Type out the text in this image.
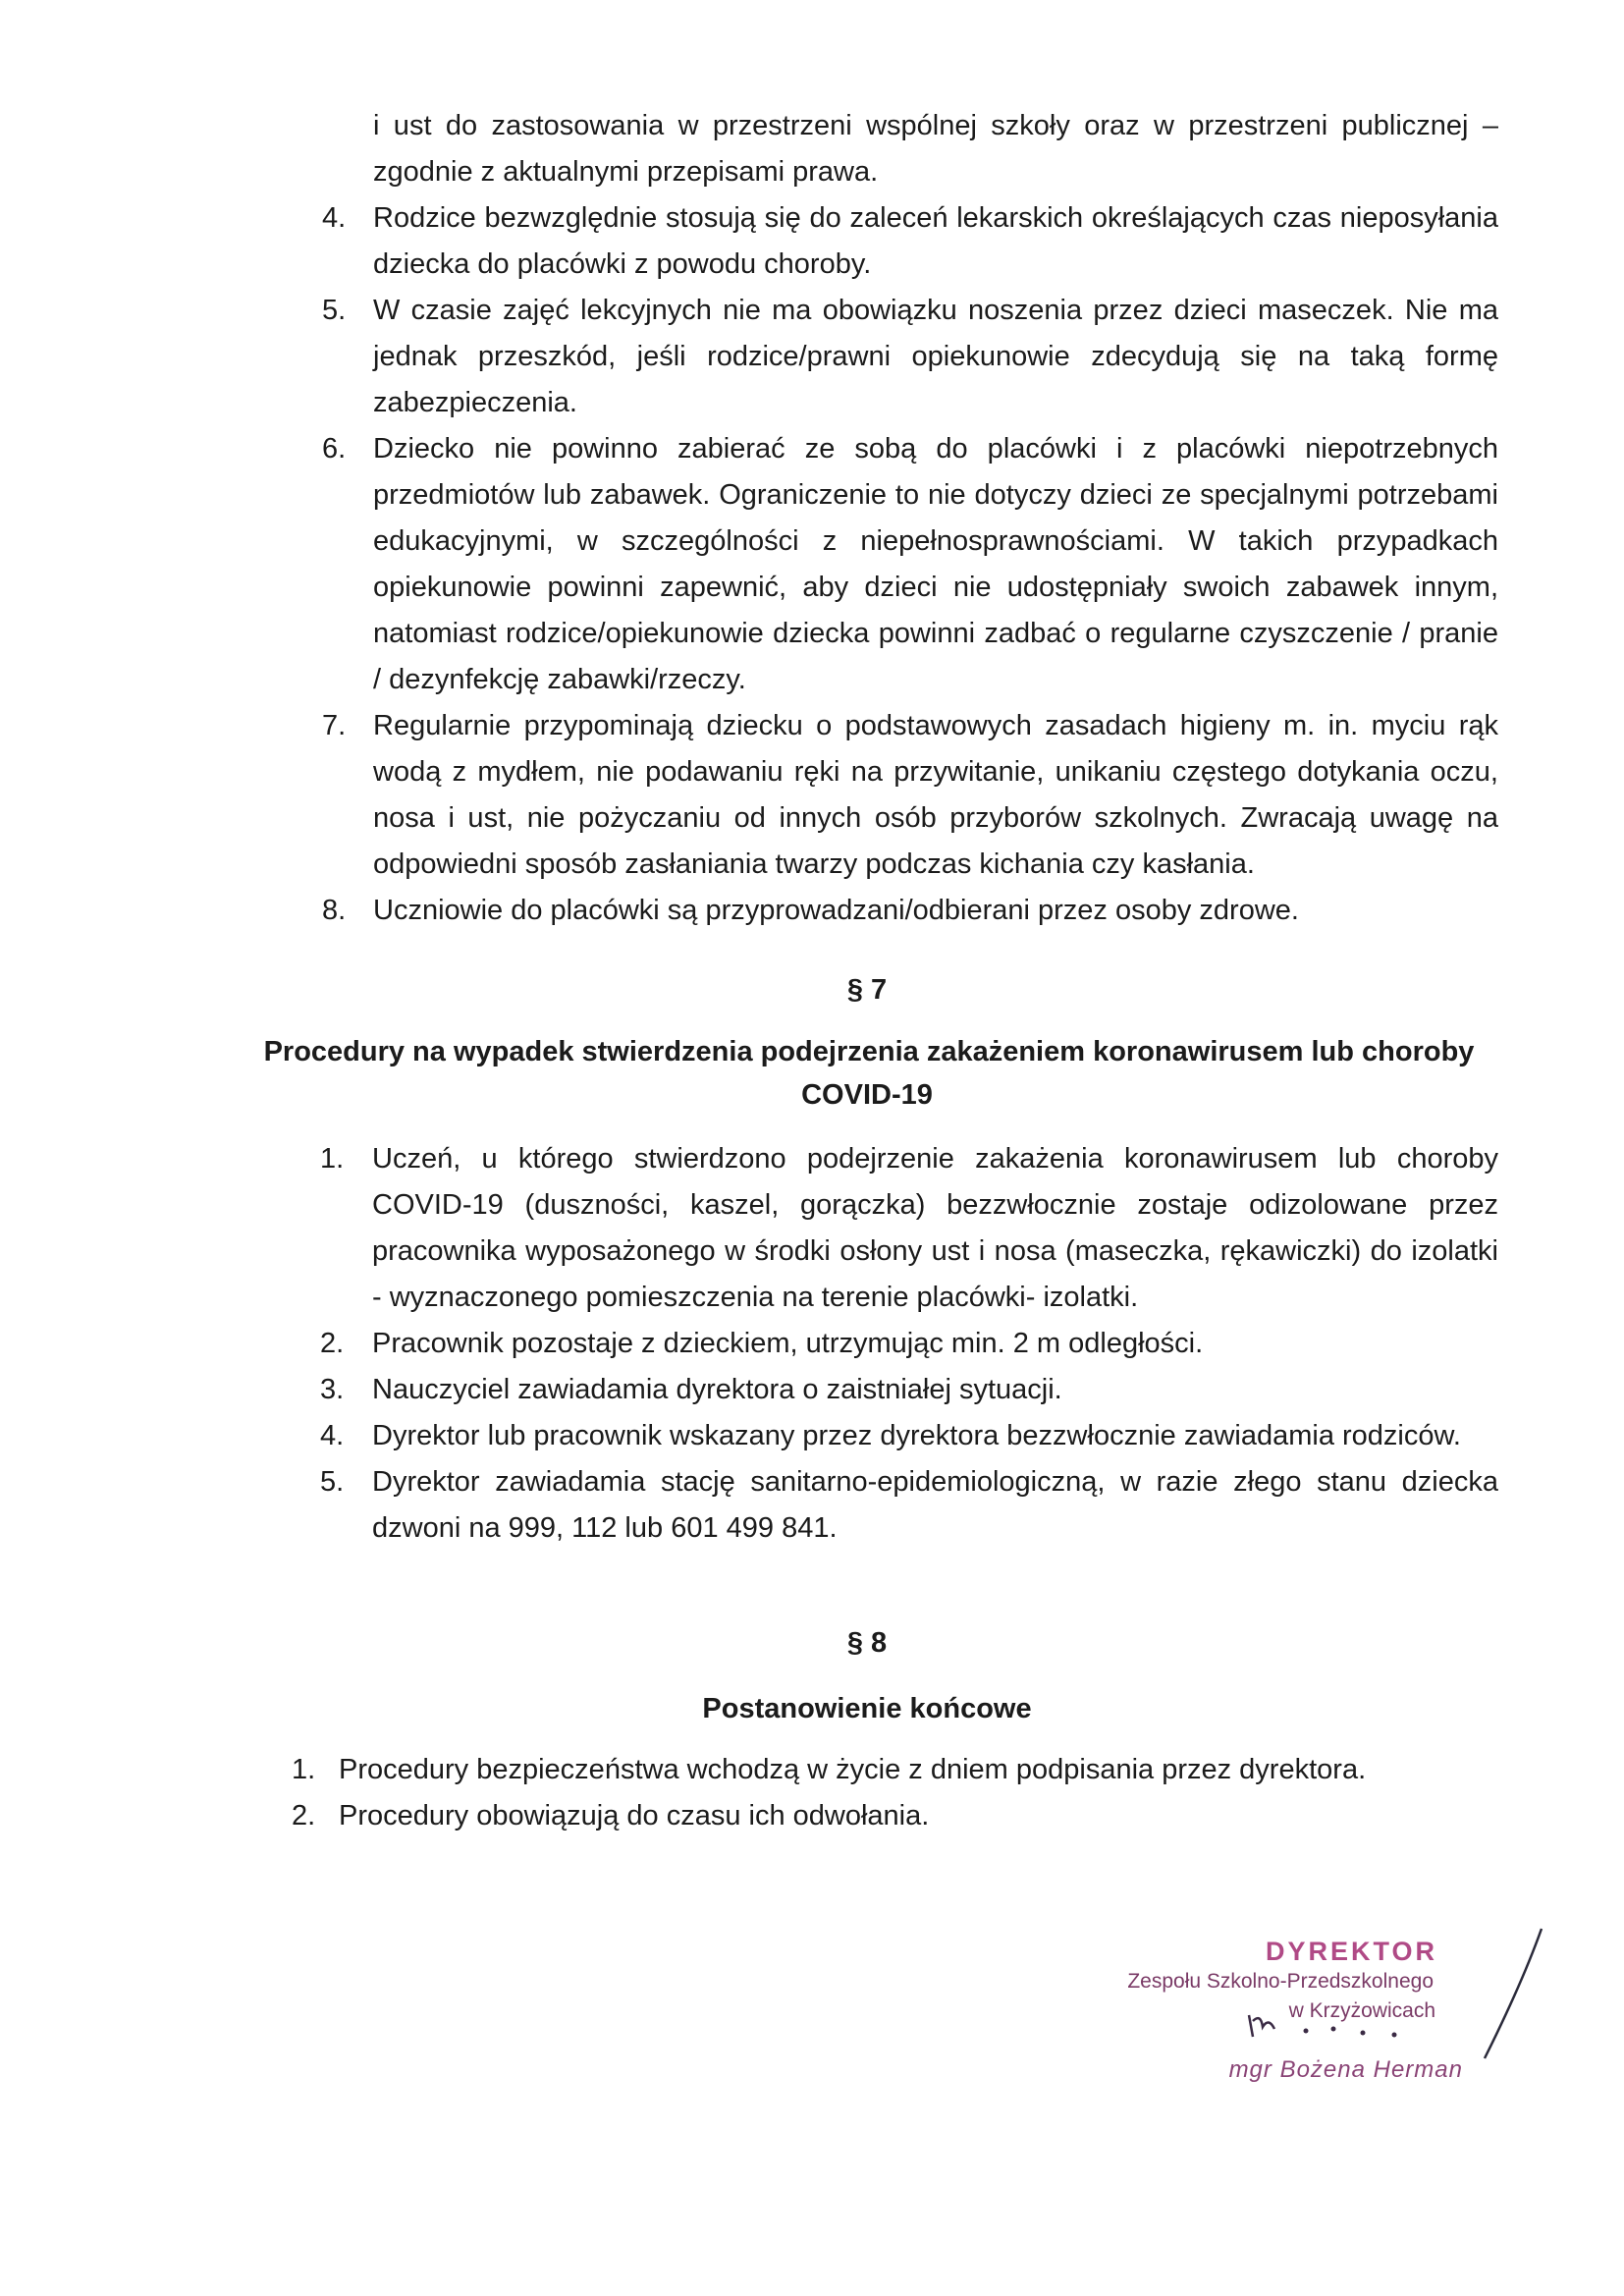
i ust do zastosowania w przestrzeni wspólnej szkoły oraz w przestrzeni publicznej – zgodnie z aktualnymi przepisami prawa.
4. Rodzice bezwzględnie stosują się do zaleceń lekarskich określających czas nieposyłania dziecka do placówki z powodu choroby.
5. W czasie zajęć lekcyjnych nie ma obowiązku noszenia przez dzieci maseczek. Nie ma jednak przeszkód, jeśli rodzice/prawni opiekunowie zdecydują się na taką formę zabezpieczenia.
6. Dziecko nie powinno zabierać ze sobą do placówki i z placówki niepotrzebnych przedmiotów lub zabawek. Ograniczenie to nie dotyczy dzieci ze specjalnymi potrzebami edukacyjnymi, w szczególności z niepełnosprawnościami. W takich przypadkach opiekunowie powinni zapewnić, aby dzieci nie udostępniały swoich zabawek innym, natomiast rodzice/opiekunowie dziecka powinni zadbać o regularne czyszczenie / pranie / dezynfekcję zabawki/rzeczy.
7. Regularnie przypominają dziecku o podstawowych zasadach higieny m. in. myciu rąk wodą z mydłem, nie podawaniu ręki na przywitanie, unikaniu częstego dotykania oczu, nosa i ust, nie pożyczaniu od innych osób przyborów szkolnych. Zwracają uwagę na odpowiedni sposób zasłaniania twarzy podczas kichania czy kasłania.
8. Uczniowie do placówki są przyprowadzani/odbierani przez osoby zdrowe.
§ 7
Procedury na wypadek stwierdzenia podejrzenia zakażeniem koronawirusem lub choroby
COVID-19
1. Uczeń, u którego stwierdzono podejrzenie zakażenia koronawirusem lub choroby COVID-19 (duszności, kaszel, gorączka) bezzwłocznie zostaje odizolowane przez pracownika wyposażonego w środki osłony ust i nosa (maseczka, rękawiczki) do izolatki - wyznaczonego pomieszczenia na terenie placówki- izolatki.
2. Pracownik pozostaje z dzieckiem, utrzymując min. 2 m odległości.
3. Nauczyciel zawiadamia dyrektora o zaistniałej sytuacji.
4. Dyrektor lub pracownik wskazany przez dyrektora bezzwłocznie zawiadamia rodziców.
5. Dyrektor zawiadamia stację sanitarno-epidemiologiczną, w razie złego stanu dziecka dzwoni na 999, 112 lub 601 499 841.
§ 8
Postanowienie końcowe
1. Procedury bezpieczeństwa wchodzą w życie z dniem podpisania przez dyrektora.
2. Procedury obowiązują do czasu ich odwołania.
DYREKTOR
Zespołu Szkolno-Przedszkolnego
w Krzyżowicach
mgr Bożena Herman
